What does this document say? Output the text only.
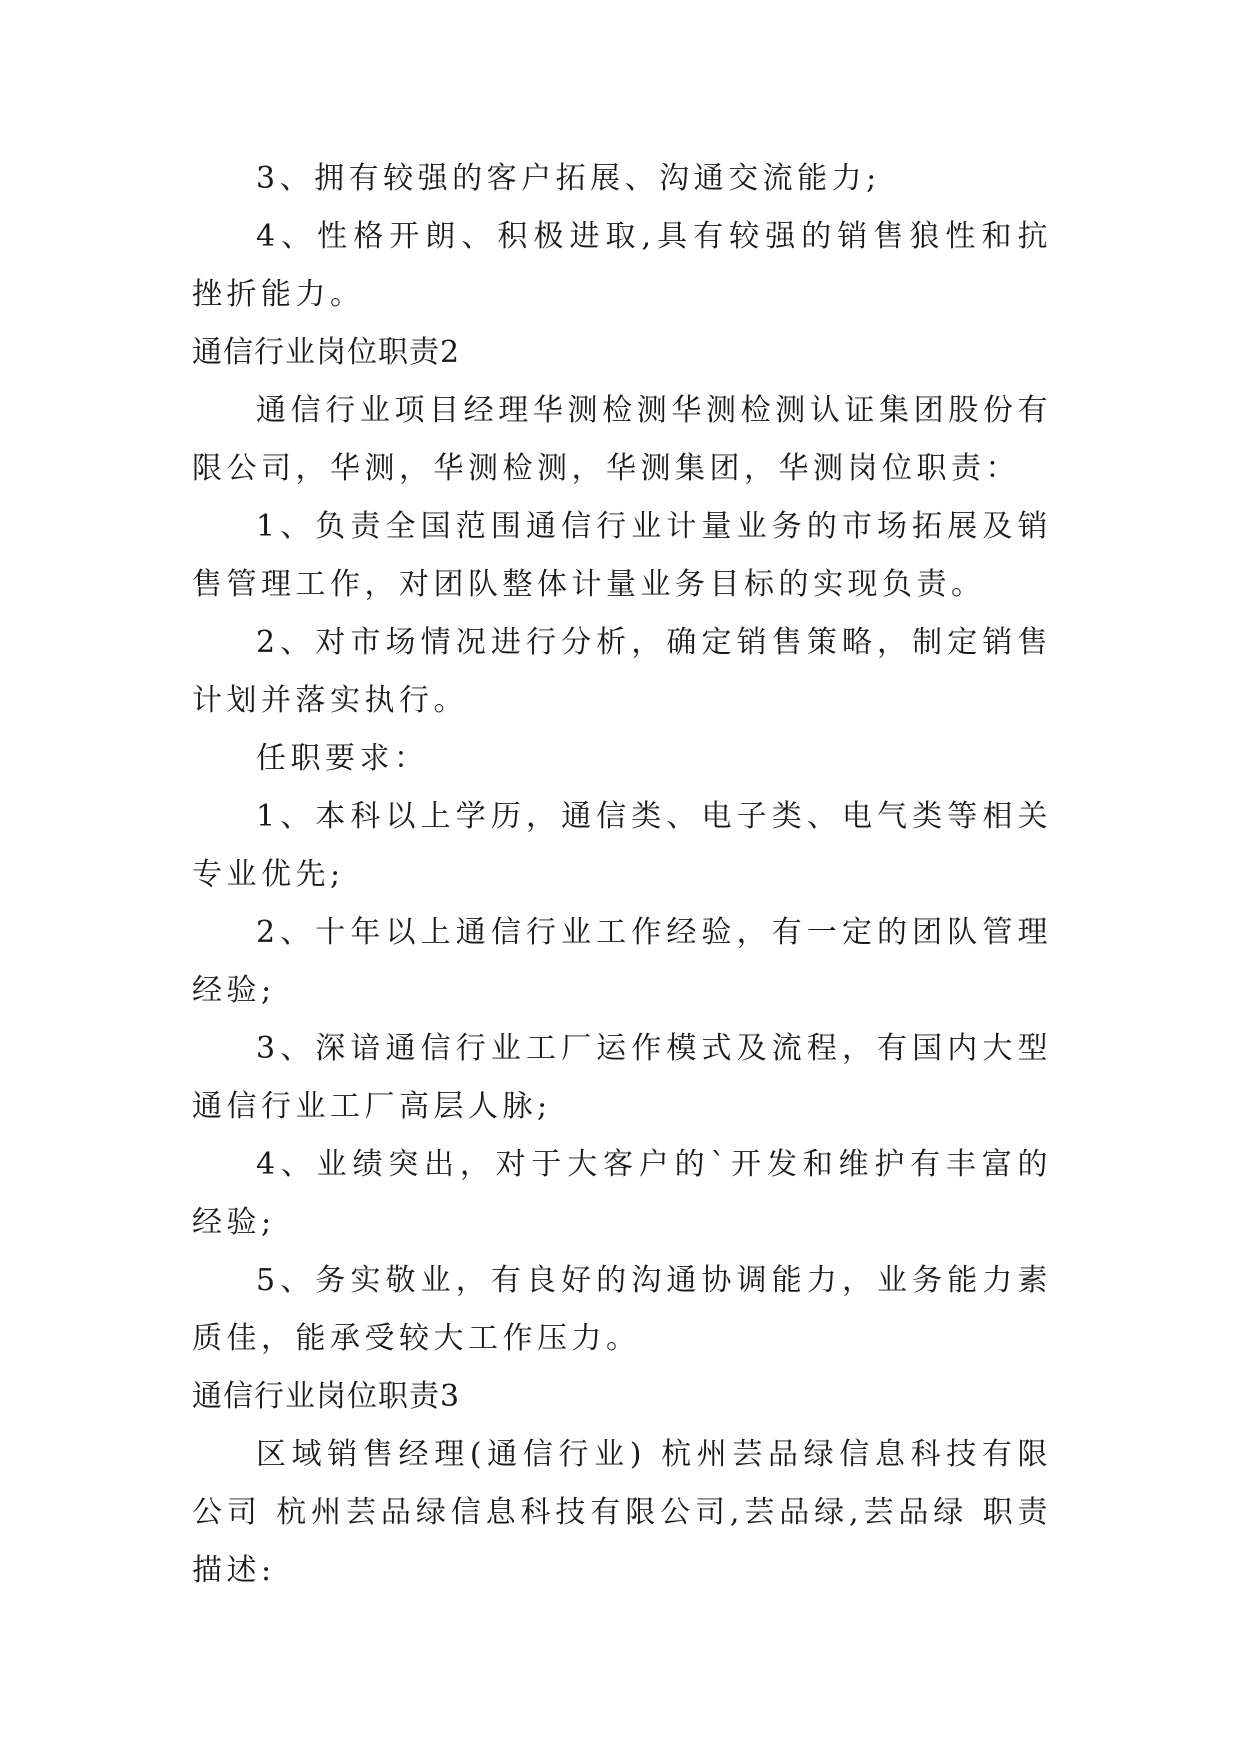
3、拥有较强的客户拓展、沟通交流能力;

4、性格开朗、积极进取,具有较强的销售狼性和抗挫折能力。

通信行业岗位职责2

通信行业项目经理华测检测华测检测认证集团股份有限公司，华测，华测检测，华测集团，华测岗位职责：

1、负责全国范围通信行业计量业务的市场拓展及销售管理工作，对团队整体计量业务目标的实现负责。

2、对市场情况进行分析，确定销售策略，制定销售计划并落实执行。

任职要求：

1、本科以上学历，通信类、电子类、电气类等相关专业优先;

2、十年以上通信行业工作经验，有一定的团队管理经验;

3、深谙通信行业工厂运作模式及流程，有国内大型通信行业工厂高层人脉;

4、业绩突出，对于大客户的`开发和维护有丰富的经验;

5、务实敬业，有良好的沟通协调能力，业务能力素质佳，能承受较大工作压力。

通信行业岗位职责3

区域销售经理(通信行业) 杭州芸品绿信息科技有限公司 杭州芸品绿信息科技有限公司,芸品绿,芸品绿 职责描述:
